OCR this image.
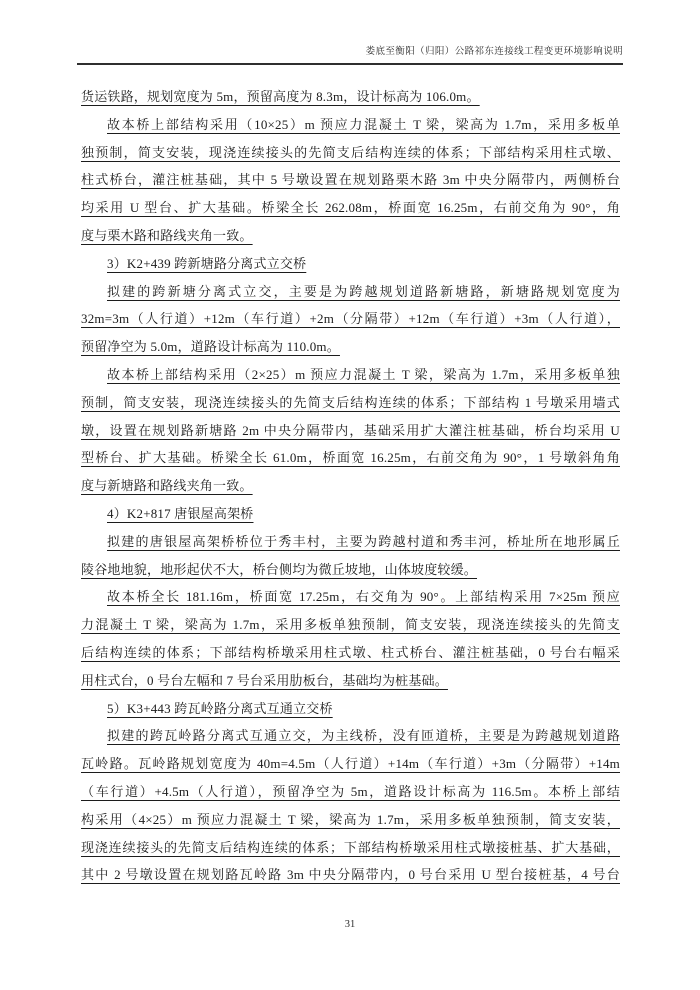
娄底至衡阳（归阳）公路祁东连接线工程变更环境影响说明
货运铁路，规划宽度为 5m，预留高度为 8.3m，设计标高为 106.0m。
故本桥上部结构采用（10×25）m 预应力混凝土 T 梁，梁高为 1.7m，采用多板单
独预制，简支安装，现浇连续接头的先简支后结构连续的体系；下部结构采用柱式墩、
柱式桥台，灌注桩基础，其中 5 号墩设置在规划路栗木路 3m 中央分隔带内，两侧桥台
均采用 U 型台、扩大基础。桥梁全长 262.08m，桥面宽 16.25m，右前交角为 90°，角
度与栗木路和路线夹角一致。
3）K2+439 跨新塘路分离式立交桥
拟建的跨新塘分离式立交，主要是为跨越规划道路新塘路，新塘路规划宽度为
32m=3m（人行道）+12m（车行道）+2m（分隔带）+12m（车行道）+3m（人行道），
预留净空为 5.0m，道路设计标高为 110.0m。
故本桥上部结构采用（2×25）m 预应力混凝土 T 梁，梁高为 1.7m，采用多板单独
预制，简支安装，现浇连续接头的先简支后结构连续的体系；下部结构 1 号墩采用墙式
墩，设置在规划路新塘路 2m 中央分隔带内，基础采用扩大灌注桩基础，桥台均采用 U
型桥台、扩大基础。桥梁全长 61.0m，桥面宽 16.25m，右前交角为 90°，1 号墩斜角角
度与新塘路和路线夹角一致。
4）K2+817 唐银屋高架桥
拟建的唐银屋高架桥桥位于秀丰村，主要为跨越村道和秀丰河，桥址所在地形属丘
陵谷地地貌，地形起伏不大，桥台侧均为微丘坡地，山体坡度较缓。
故本桥全长 181.16m，桥面宽 17.25m，右交角为 90°。上部结构采用 7×25m 预应
力混凝土 T 梁，梁高为 1.7m，采用多板单独预制，简支安装，现浇连续接头的先简支
后结构连续的体系；下部结构桥墩采用柱式墩、柱式桥台、灌注桩基础，0 号台右幅采
用柱式台，0 号台左幅和 7 号台采用肋板台，基础均为桩基础。
5）K3+443 跨瓦岭路分离式互通立交桥
拟建的跨瓦岭路分离式互通立交，为主线桥，没有匝道桥，主要是为跨越规划道路
瓦岭路。瓦岭路规划宽度为 40m=4.5m（人行道）+14m（车行道）+3m（分隔带）+14m
（车行道）+4.5m（人行道），预留净空为 5m，道路设计标高为 116.5m。本桥上部结
构采用（4×25）m 预应力混凝土 T 梁，梁高为 1.7m，采用多板单独预制，简支安装，
现浇连续接头的先简支后结构连续的体系；下部结构桥墩采用柱式墩接桩基、扩大基础，
其中 2 号墩设置在规划路瓦岭路 3m 中央分隔带内，0 号台采用 U 型台接桩基，4 号台
31
